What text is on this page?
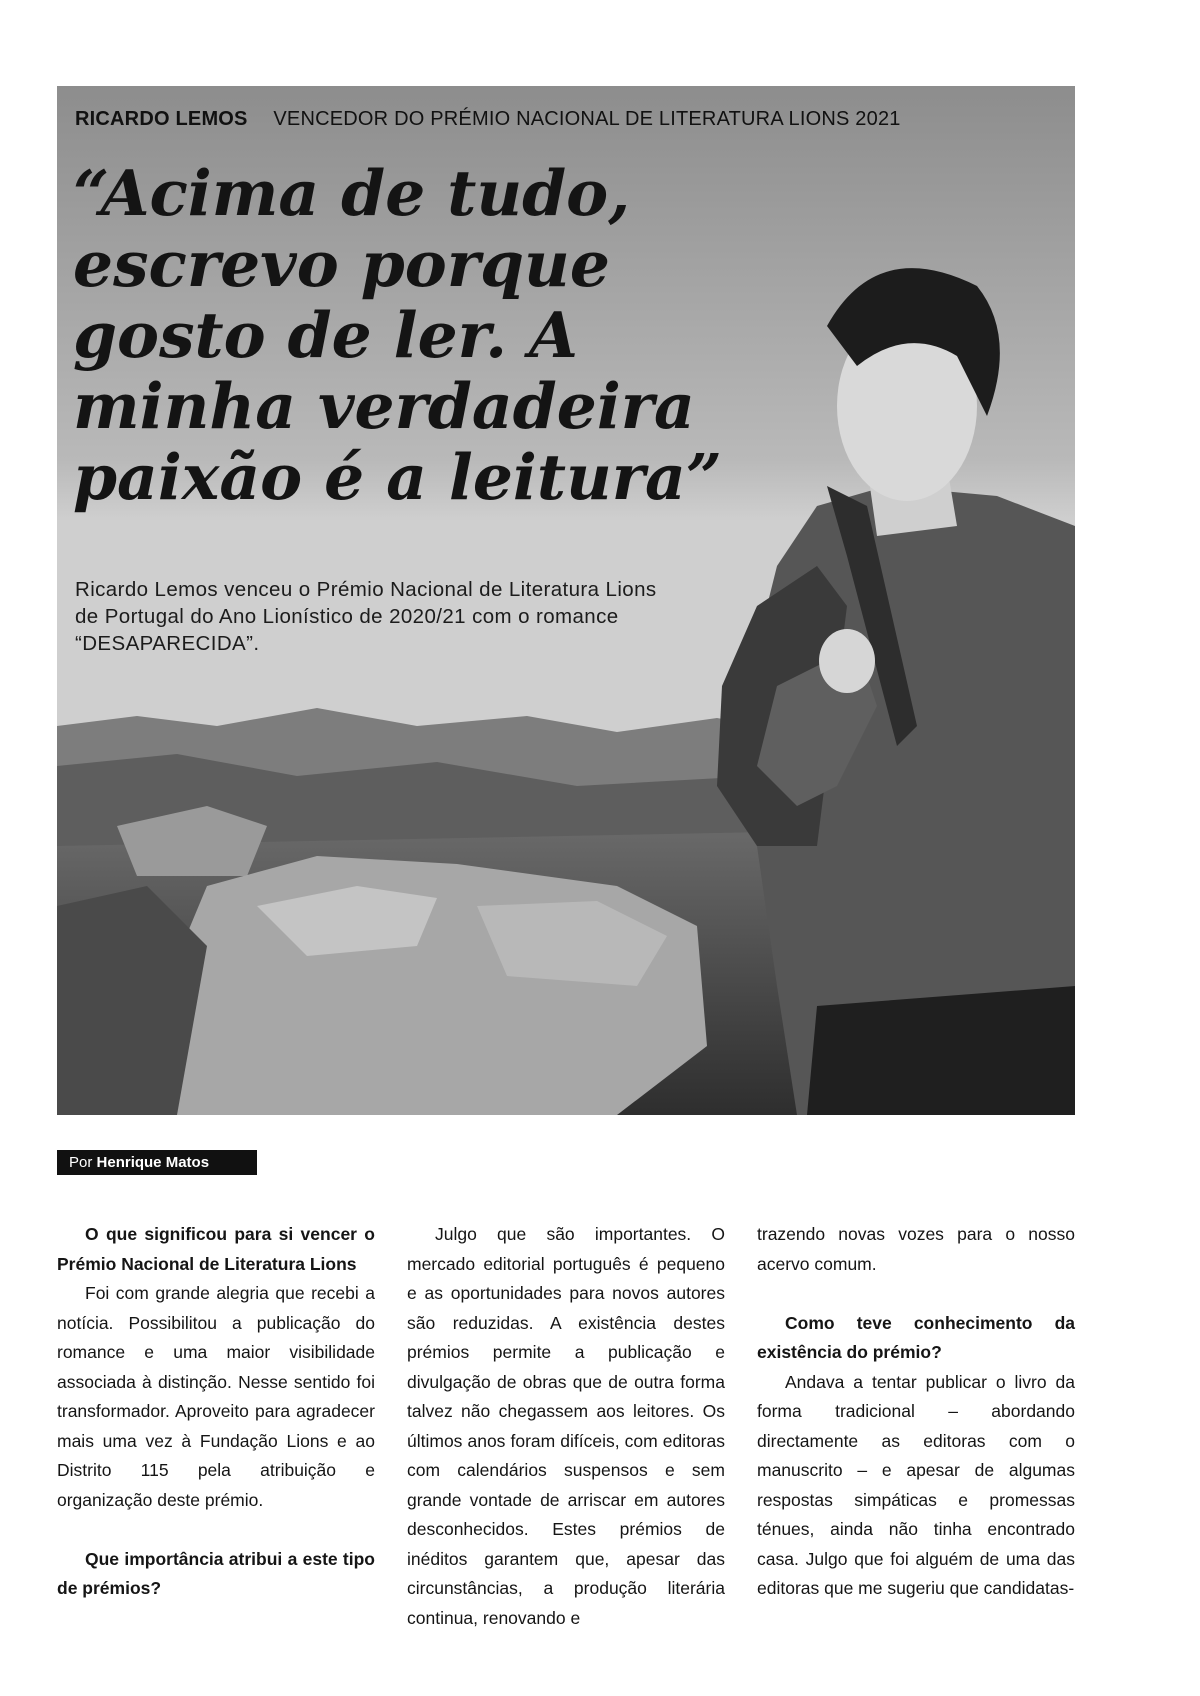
RICARDO LEMOS VENCEDOR DO PRÉMIO NACIONAL DE LITERATURA LIONS 2021
“Acima de tudo, escrevo porque gosto de ler. A minha verdadeira paixão é a leitura”

Ricardo Lemos venceu o Prémio Nacional de Literatura Lions de Portugal do Ano Lionístico de 2020/21 com o romance “DESAPARECIDA”.

Por Henrique Matos

O que significou para si vencer o Prémio Nacional de Literatura Lions

Foi com grande alegria que recebi a notícia. Possibilitou a publicação do romance e uma maior visibilidade associada à distinção. Nesse sentido foi transformador. Aproveito para agradecer mais uma vez à Fundação Lions e ao Distrito 115 pela atribuição e organização deste prémio.

Que importância atribui a este tipo de prémios?

Julgo que são importantes. O mercado editorial português é pequeno e as oportunidades para novos autores são reduzidas. A existência destes prémios permite a publicação e divulgação de obras que de outra forma talvez não chegassem aos leitores. Os últimos anos foram difíceis, com editoras com calendários suspensos e sem grande vontade de arriscar em autores desconhecidos. Estes prémios de inéditos garantem que, apesar das circunstâncias, a produção literária continua, renovando e

trazendo novas vozes para o nosso acervo comum.

Como teve conhecimento da existência do prémio?

Andava a tentar publicar o livro da forma tradicional – abordando directamente as editoras com o manuscrito – e apesar de algumas respostas simpáticas e promessas ténues, ainda não tinha encontrado casa. Julgo que foi alguém de uma das editoras que me sugeriu que candidatas-
